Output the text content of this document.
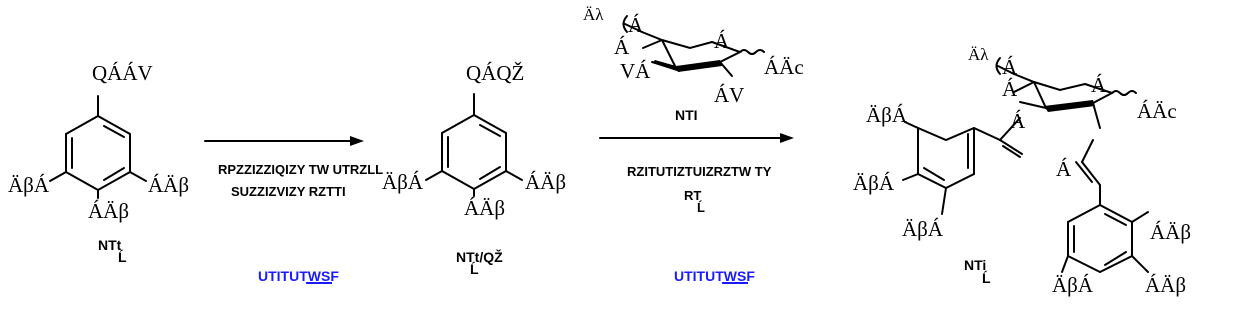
QÁÁV
ÄβÁ	ÁÄβ
ÁÄβ
NTt
Ĺ
RPZZIZZIQIZY TW UTRZLL
SUZZIZVIZY RZTTI
UTITUTWSF
QÁQŽ
ÄβÁ	ÁÄβ
ÁÄβ
NTt/QŽ
Ĺ
Äλ Á
Á	Á
VÁ	ÁÄc
ÁV
NTI
RZITUTIZTUIZRZTW TY
RT
Ĺ
UTITUTWSF
Äλ
Á
Á	Á
ÁÄc
Á
Á
ÄβÁ
ÄβÁ
ÄβÁ	ÁÄβ
ÄβÁ ÁÄβ
NTi
Ĺ
